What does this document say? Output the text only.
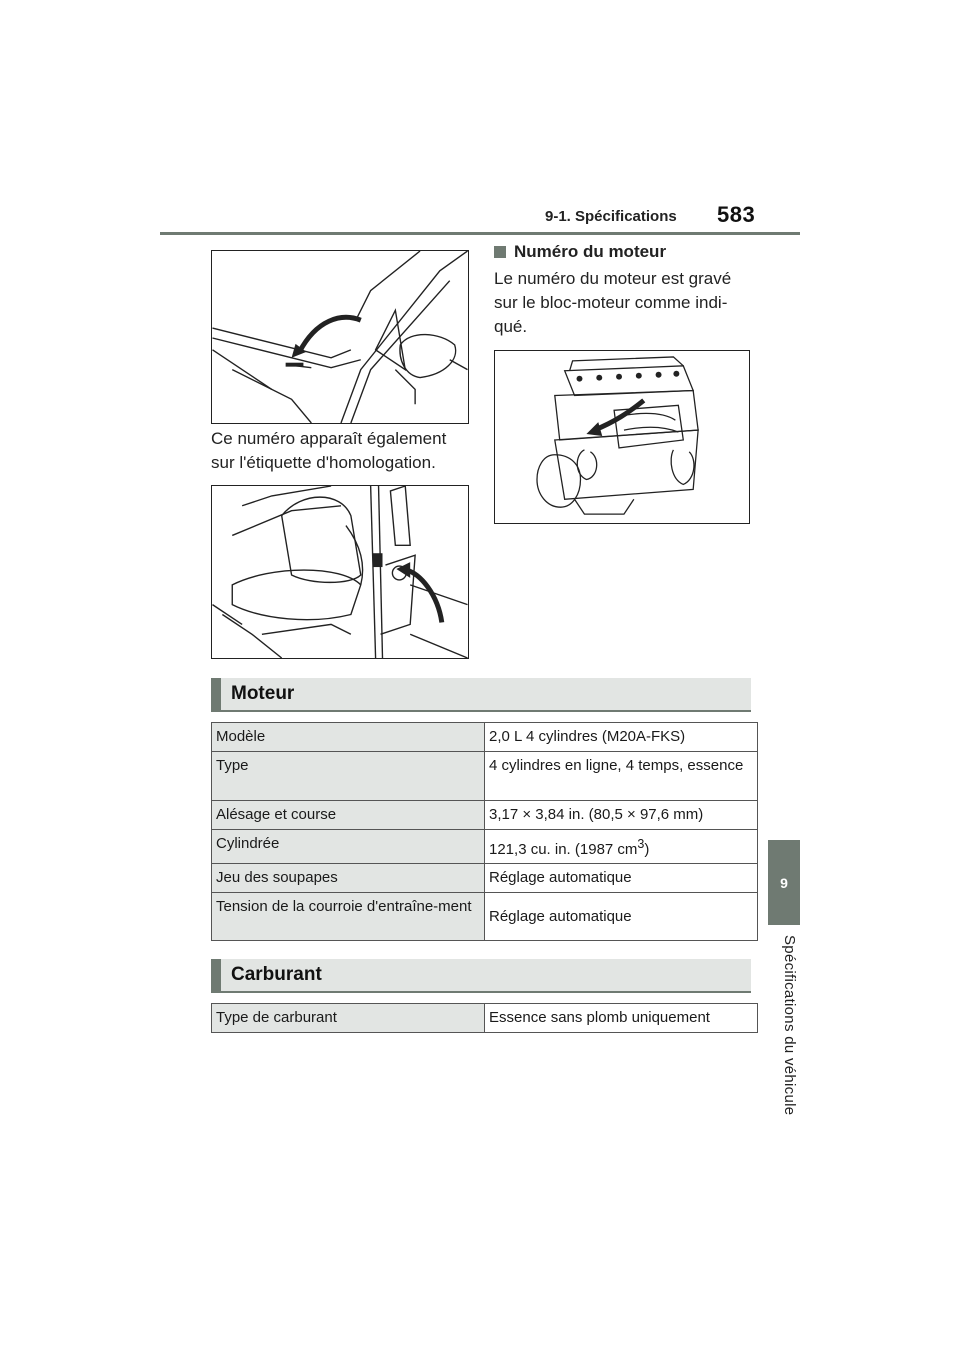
9-1. Spécifications 583
9
Spécifications du véhicule
Ce numéro apparaît également sur l'étiquette d'homologation.
Numéro du moteur
Le numéro du moteur est gravé sur le bloc-moteur comme indi-qué.
Moteur
Modèle	2,0 L 4 cylindres (M20A-FKS)
Type	4 cylindres en ligne, 4 temps, essence
Alésage et course	3,17 × 3,84 in. (80,5 × 97,6 mm)
Cylindrée	121,3 cu. in. (1987 $cm^3$)
Jeu des soupapes	Réglage automatique
Tension de la courroie d'entraîne-ment	Réglage automatique
Carburant
Type de carburant	Essence sans plomb uniquement
